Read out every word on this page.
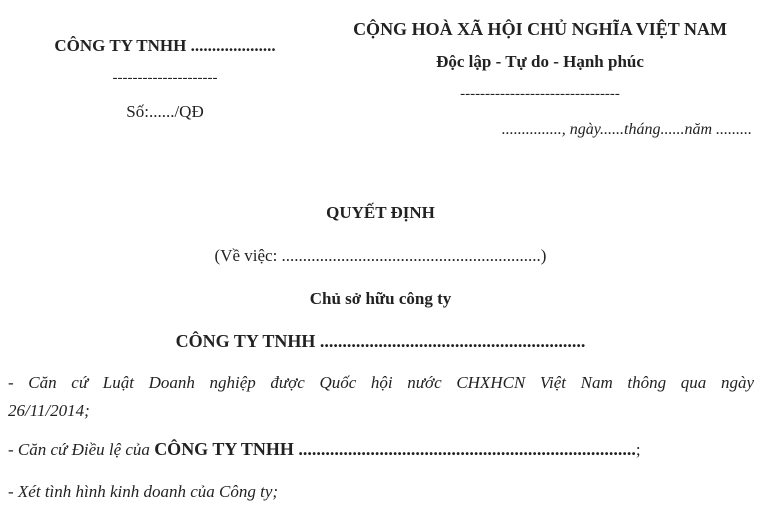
CÔNG TY TNHH ....................
---------------------
Số:....../QĐ
CỘNG HOÀ XÃ HỘI CHỦ NGHĨA VIỆT NAM
Độc lập - Tự do - Hạnh phúc
--------------------------------
..............., ngày......tháng......năm .........
QUYẾT ĐỊNH
(Về việc: .............................................................)
Chủ sở hữu công ty
CÔNG TY TNHH ...........................................................
- Căn cứ Luật Doanh nghiệp được Quốc hội nước CHXHCN Việt Nam thông qua ngày
26/11/2014;
- Căn cứ Điều lệ của CÔNG TY TNHH ...........................................................................;
- Xét tình hình kinh doanh của Công ty;
